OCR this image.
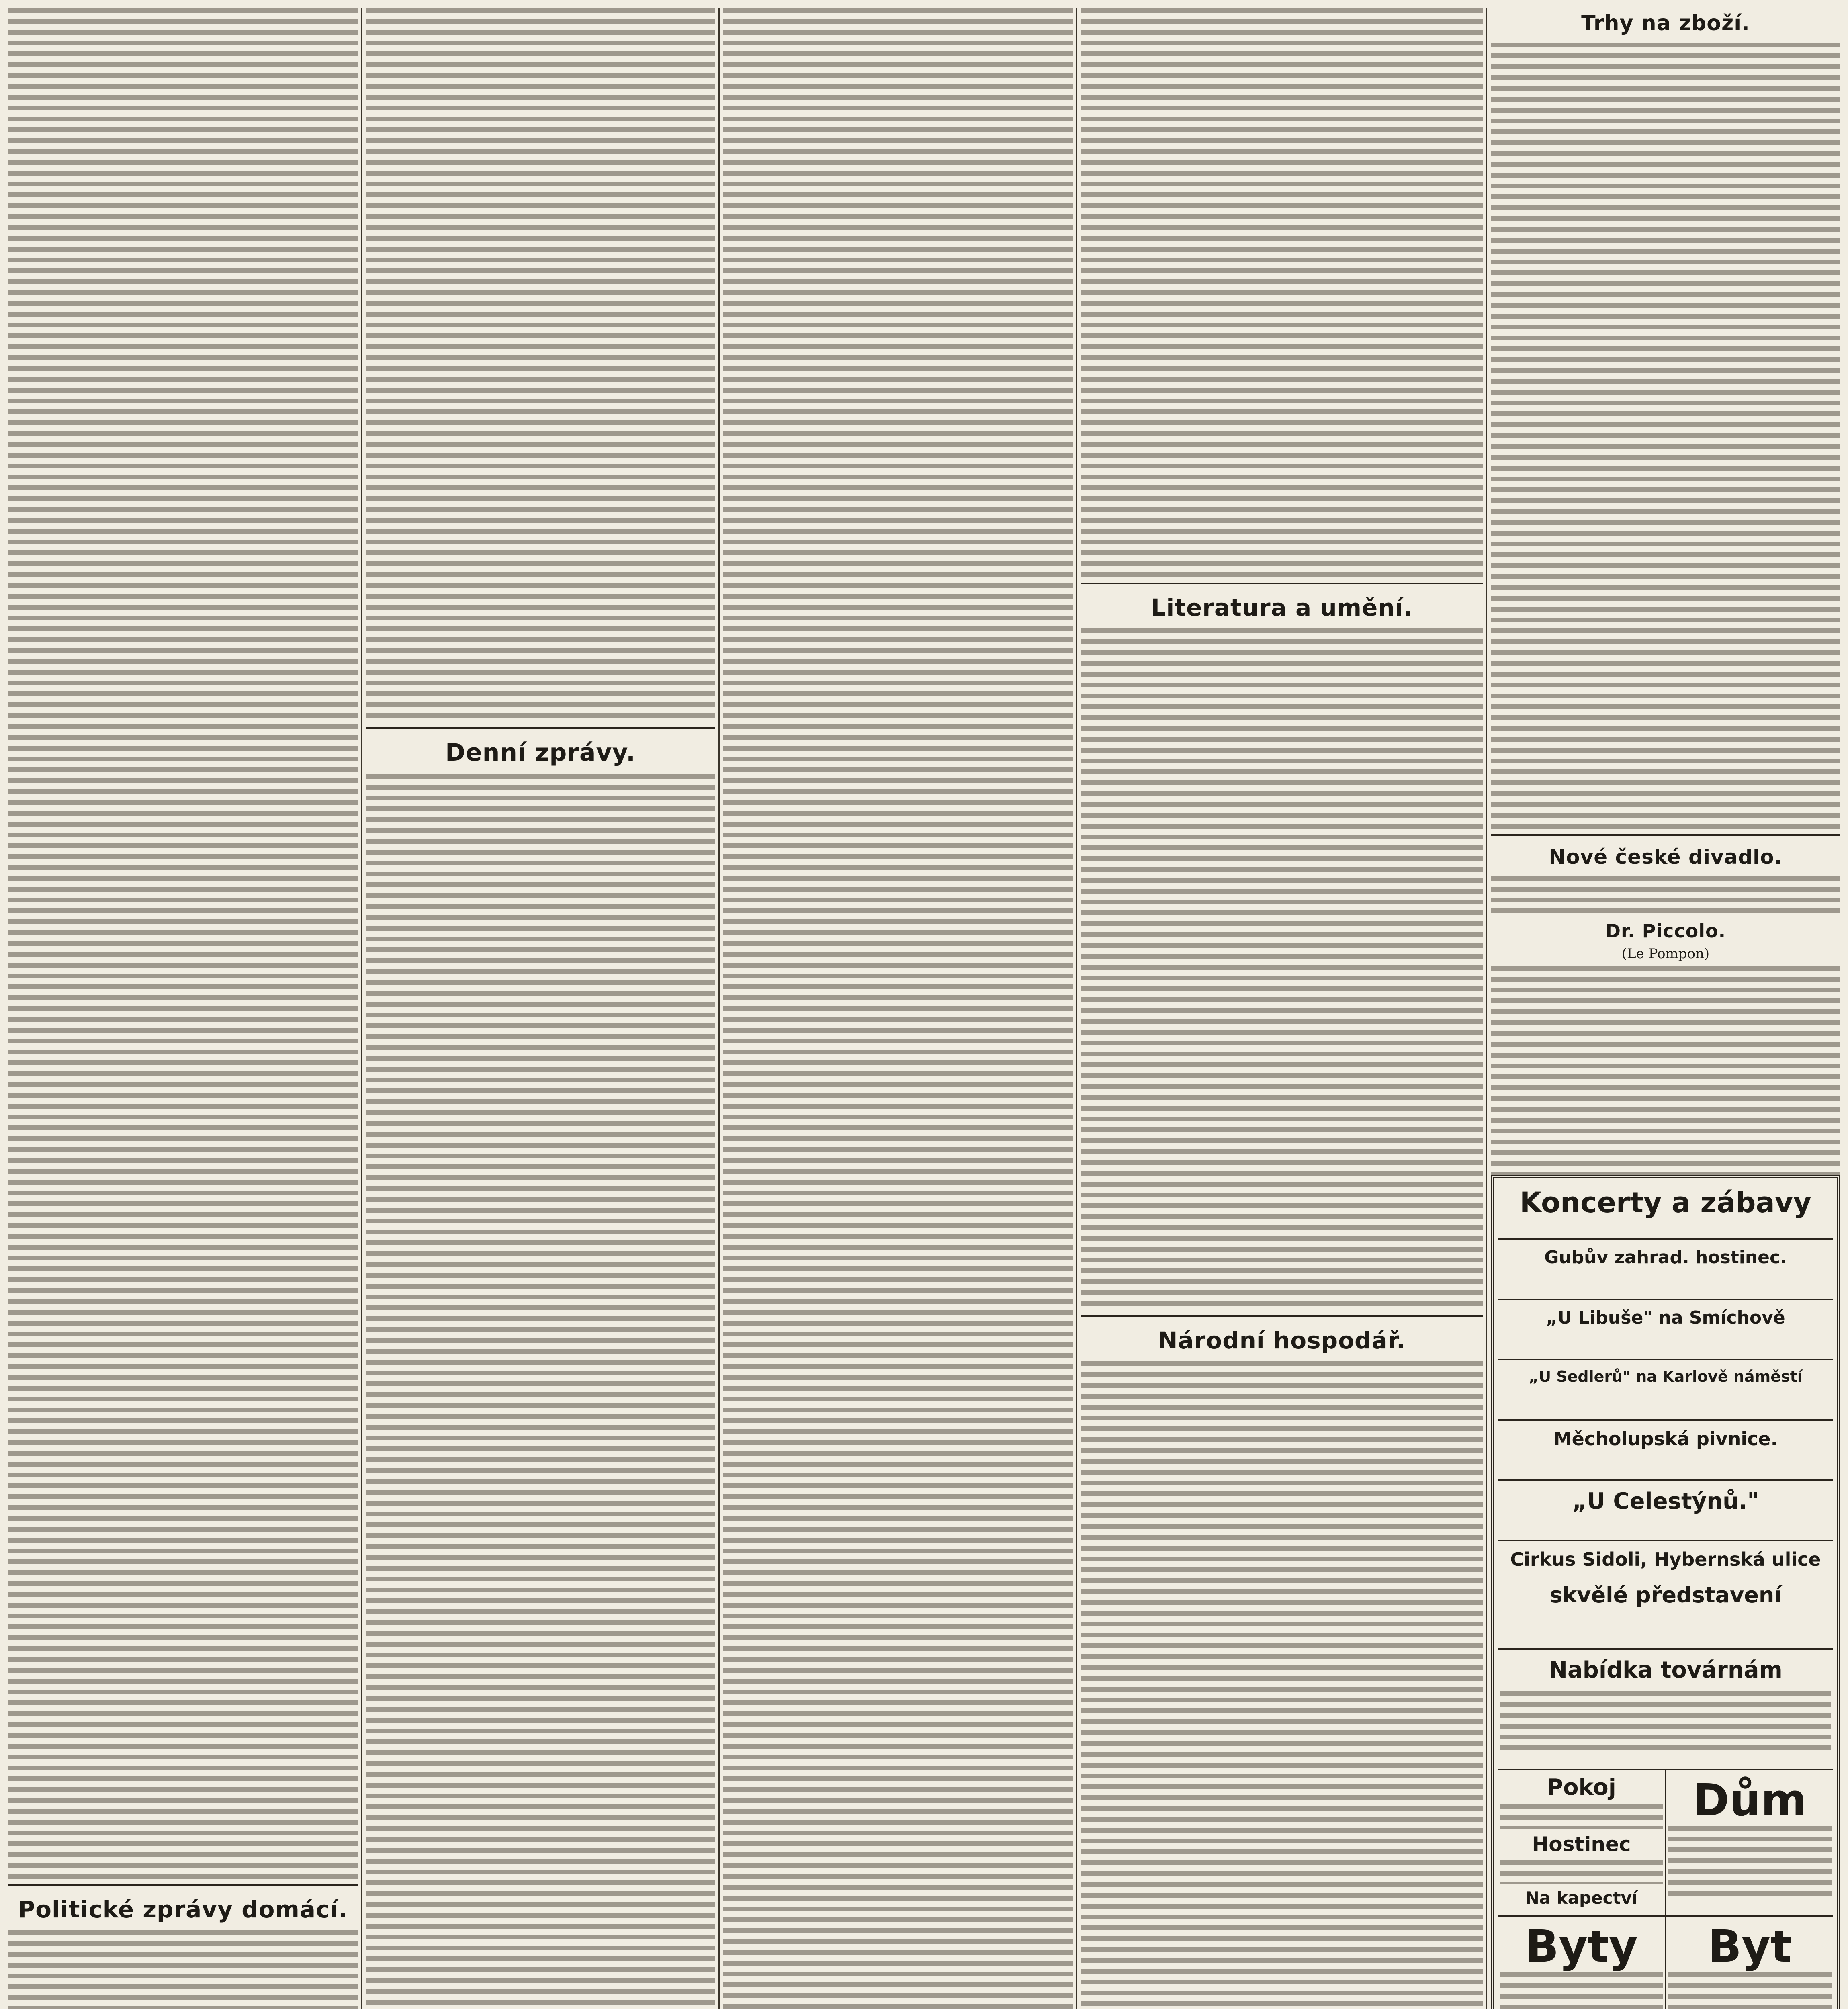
Politické zprávy domácí.
Denní zprávy.
Literatura a umění.
Národní hospodář.
Trhy na zboží.
Nové české divadlo.
Dr. Piccolo.
(Le Pompon)
Koncerty a zábavy
Gubův zahrad. hostinec.
„U Libuše" na Smíchově
„U Sedlerů" na Karlově náměstí
Měcholupská pivnice.
„U Celestýnů."
Cirkus Sidoli, Hybernská ulice
skvělé představení
Nabídka továrnám
Pokoj
Hostinec
Na kapectví
Dům
Byty	Byt
